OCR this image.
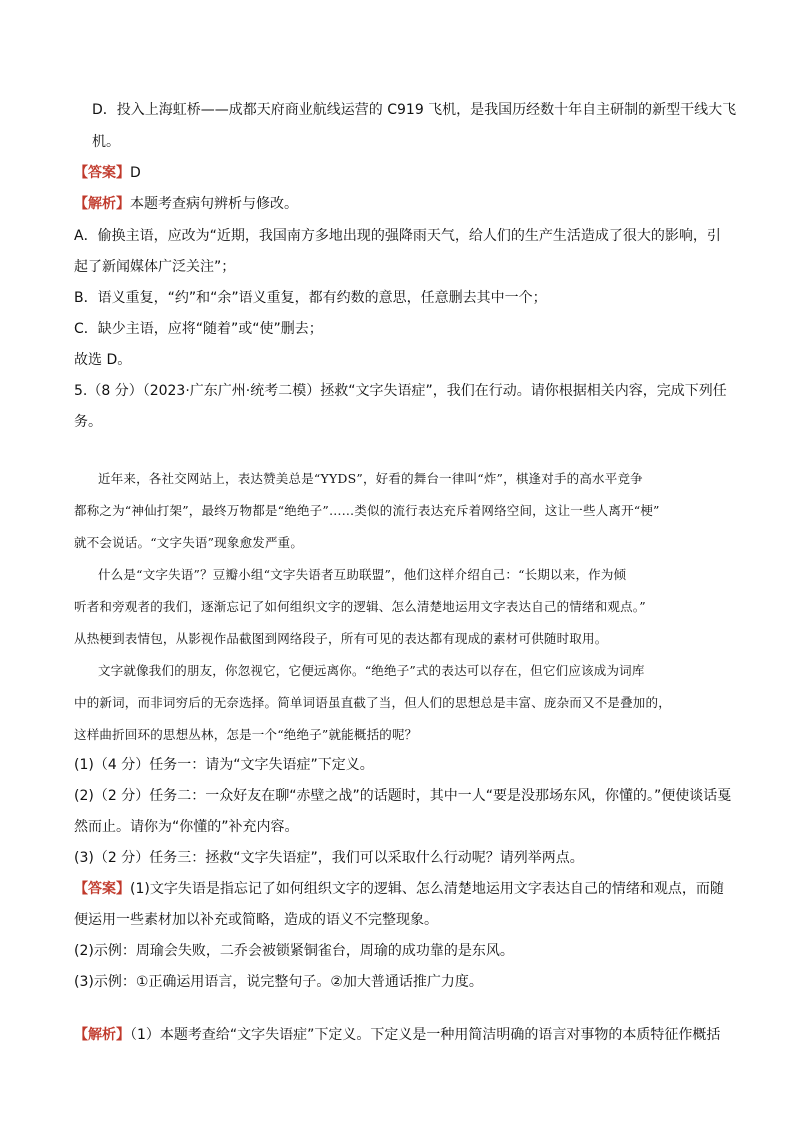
D．投入上海虹桥——成都天府商业航线运营的 C919 飞机，是我国历经数十年自主研制的新型干线大飞
机。
【答案】D
【解析】本题考查病句辨析与修改。
A．偷换主语，应改为“近期，我国南方多地出现的强降雨天气，给人们的生产生活造成了很大的影响，引
起了新闻媒体广泛关注”；
B．语义重复，“约”和“余”语义重复，都有约数的意思，任意删去其中一个；
C．缺少主语，应将“随着”或“使”删去；
故选 D。
5.（8 分）（2023·广东广州·统考二模）拯救“文字失语症”，我们在行动。请你根据相关内容，完成下列任
务。
近年来，各社交网站上，表达赞美总是“YYDS”，好看的舞台一律叫“炸”，棋逢对手的高水平竞争
都称之为“神仙打架”，最终万物都是“绝绝子”……类似的流行表达充斥着网络空间，这让一些人离开“梗”
就不会说话。“文字失语”现象愈发严重。
什么是“文字失语”？豆瓣小组“文字失语者互助联盟”，他们这样介绍自己：“长期以来，作为倾
听者和旁观者的我们，逐渐忘记了如何组织文字的逻辑、怎么清楚地运用文字表达自己的情绪和观点。”
从热梗到表情包，从影视作品截图到网络段子，所有可见的表达都有现成的素材可供随时取用。
文字就像我们的朋友，你忽视它，它便远离你。“绝绝子”式的表达可以存在，但它们应该成为词库
中的新词，而非词穷后的无奈选择。简单词语虽直截了当，但人们的思想总是丰富、庞杂而又不是叠加的，
这样曲折回环的思想丛林，怎是一个“绝绝子”就能概括的呢？
(1)（4 分）任务一：请为“文字失语症”下定义。
(2)（2 分）任务二：一众好友在聊“赤壁之战”的话题时，其中一人“要是没那场东风，你懂的。”便使谈话戛
然而止。请你为“你懂的”补充内容。
(3)（2 分）任务三：拯救“文字失语症”，我们可以采取什么行动呢？请列举两点。
【答案】(1)文字失语是指忘记了如何组织文字的逻辑、怎么清楚地运用文字表达自己的情绪和观点，而随
便运用一些素材加以补充或简略，造成的语义不完整现象。
(2)示例：周瑜会失败，二乔会被锁紧铜雀台，周瑜的成功靠的是东风。
(3)示例：①正确运用语言，说完整句子。②加大普通话推广力度。
【解析】（1）本题考查给“文字失语症”下定义。下定义是一种用简洁明确的语言对事物的本质特征作概括
